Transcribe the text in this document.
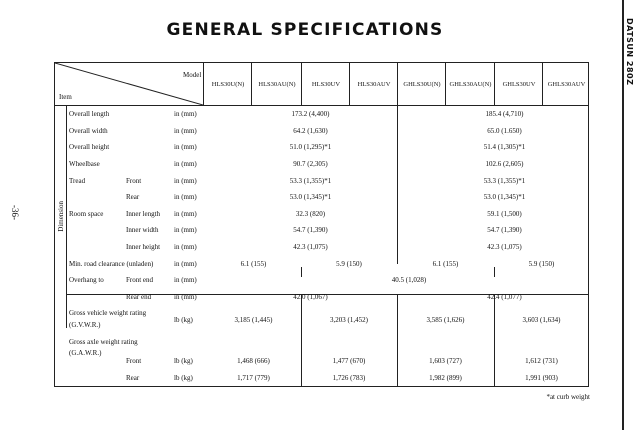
GENERAL SPECIFICATIONS	DATSUN 280Z
-36-
Model
Item
HLS30U(N)	HLS30AU(N)	HLS30UV	HLS30AUV	GHLS30U(N)	GHLS30AU(N)	GHLS30UV	GHLS30AUV
Dimension
Overall length	in (mm)	173.2 (4,400)	185.4 (4,710)
Overall width	in (mm)	64.2 (1,630)	65.0 (1.650)
Overall height	in (mm)	51.0 (1,295)*1	51.4 (1,305)*1
Wheelbase	in (mm)	90.7 (2,305)	102.6 (2,605)
Tread	Front	in (mm)	53.3 (1,355)*1	53.3 (1,355)*1
Rear	in (mm)	53.0 (1,345)*1	53.0 (1,345)*1
Room space	Inner length in (mm)	32.3 (820)	59.1 (1,500)
Inner width in (mm)	54.7 (1,390)	54.7 (1,390)
Inner height in (mm)	42.3 (1,075)	42.3 (1,075)
Min. road clearance (unladen)	in (mm)	6.1 (155)	5.9 (150)	6.1 (155)	5.9 (150)
Overhang to	Front end	in (mm)	40.5 (1,028)
Rear end	in (mm)	42.0 (1,067)	42.4 (1,077)
Gross vehicle weight rating
(G.V.W.R.)
lb (kg)	3,185 (1,445)	3,203 (1,452)	3,585 (1,626)	3,603 (1,634)
Gross axle weight rating
(G.A.W.R.)
Front	lb (kg)	1,468 (666)	1,477 (670)	1,603 (727)	1,612 (731)
Rear	lb (kg)	1,717 (779)	1,726 (783)	1,982 (899)	1,991 (903)
*at curb weight
